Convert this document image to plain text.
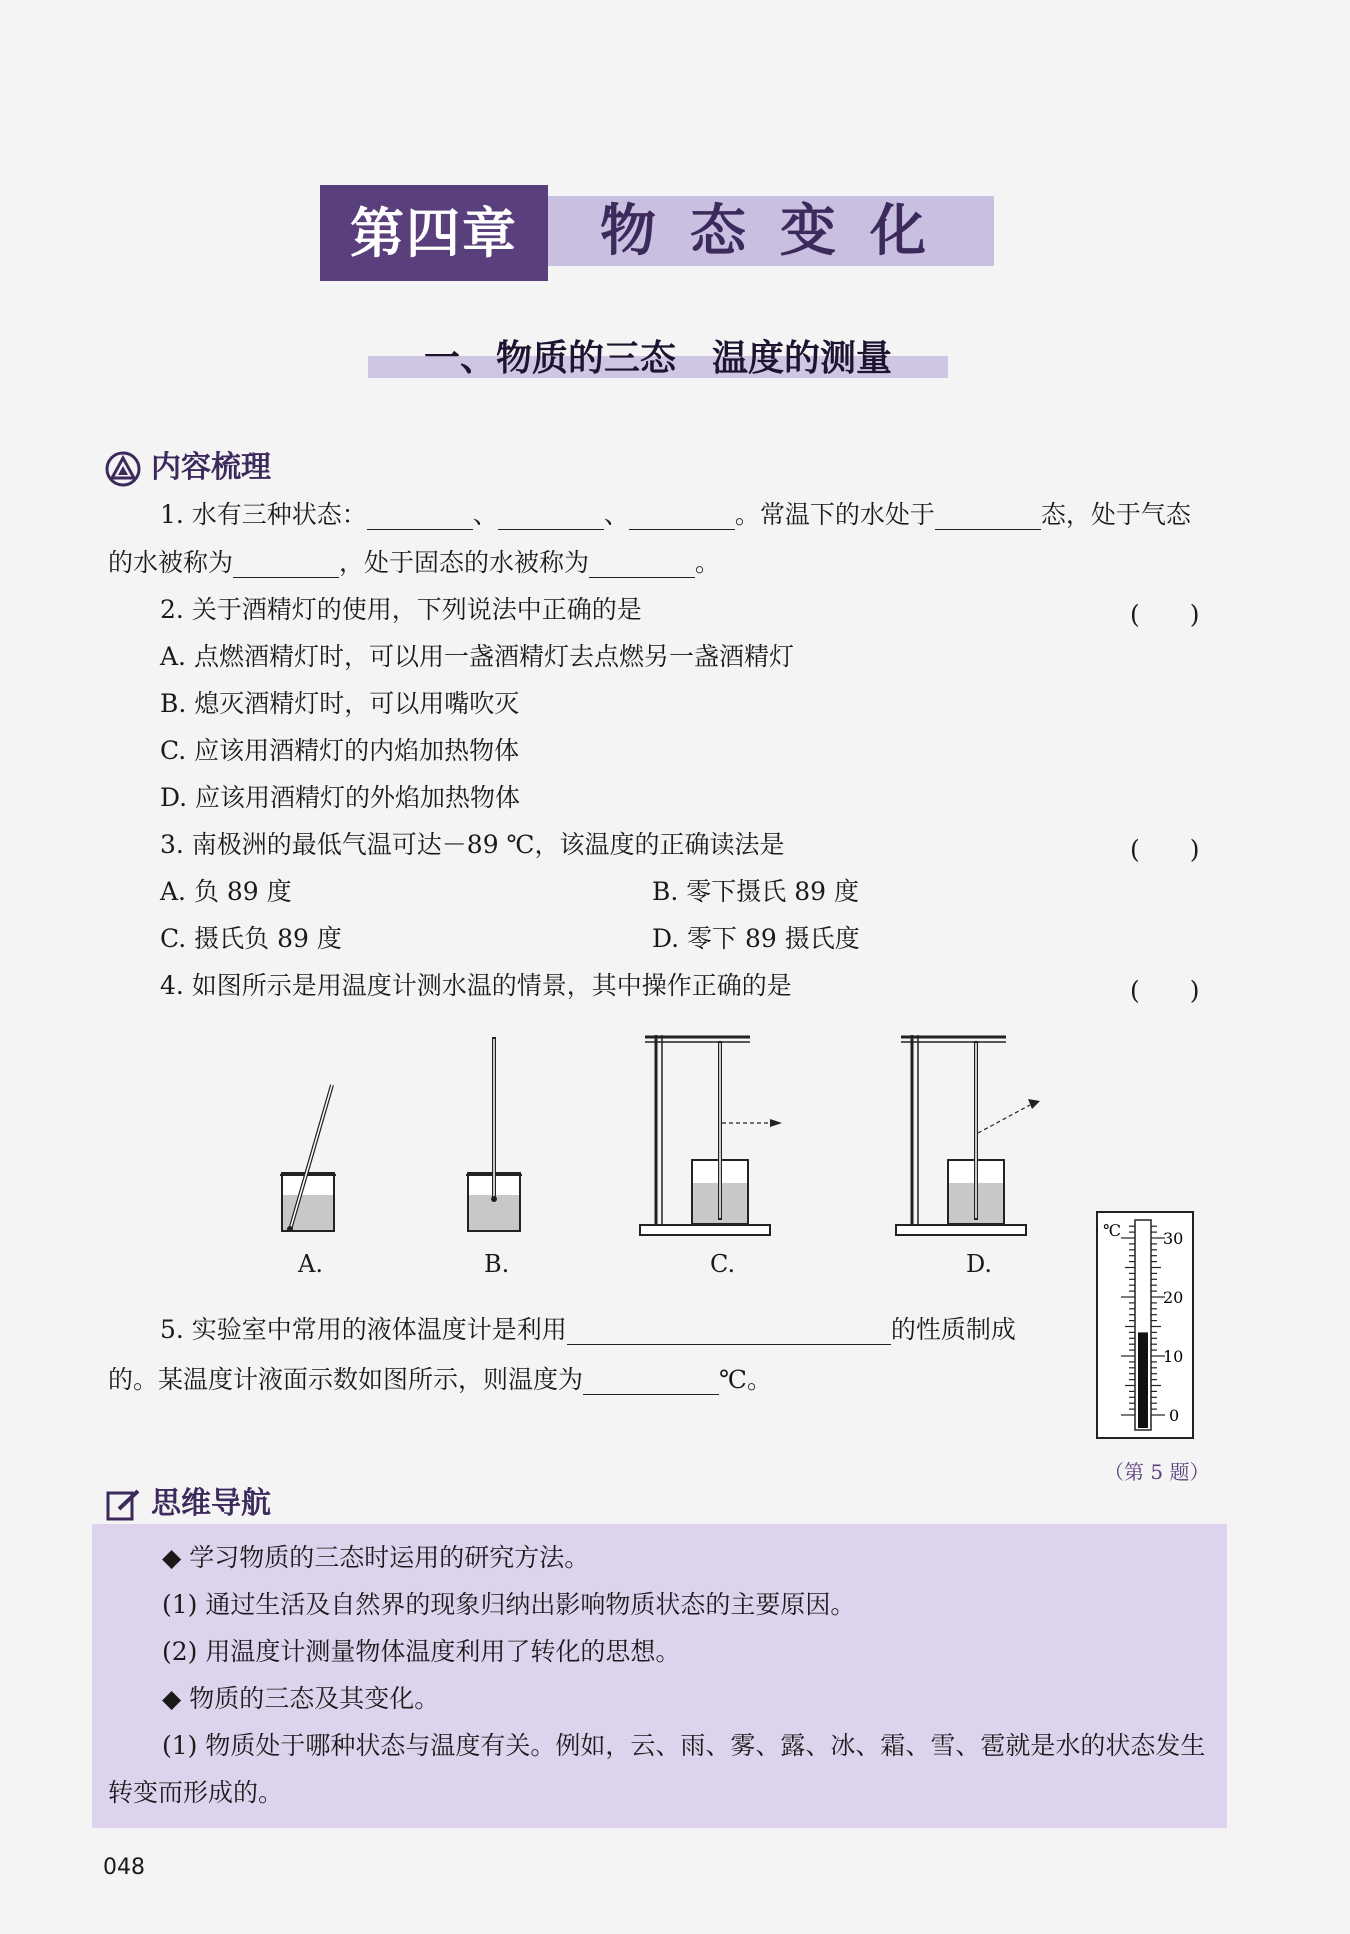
第四章	物态变化
一、物质的三态　温度的测量
内容梳理
1. 水有三种状态：	、	、	。常温下的水处于	态，处于气态
的水被称为	，处于固态的水被称为	。
2. 关于酒精灯的使用，下列说法中正确的是	(　　)
A. 点燃酒精灯时，可以用一盏酒精灯去点燃另一盏酒精灯
B. 熄灭酒精灯时，可以用嘴吹灭
C. 应该用酒精灯的内焰加热物体
D. 应该用酒精灯的外焰加热物体
3. 南极洲的最低气温可达－89 ℃，该温度的正确读法是	(　　)
A. 负 89 度	B. 零下摄氏 89 度
C. 摄氏负 89 度	D. 零下 89 摄氏度
4. 如图所示是用温度计测水温的情景，其中操作正确的是	(　　)
A.	B.	C.	D.
5. 实验室中常用的液体温度计是利用	的性质制成
的。某温度计液面示数如图所示，则温度为	℃。
℃	30
20
10
0
（第 5 题）
思维导航
◆ 学习物质的三态时运用的研究方法。
(1) 通过生活及自然界的现象归纳出影响物质状态的主要原因。
(2) 用温度计测量物体温度利用了转化的思想。
◆ 物质的三态及其变化。
(1) 物质处于哪种状态与温度有关。例如，云、雨、雾、露、冰、霜、雪、雹就是水的状态发生
转变而形成的。
048
